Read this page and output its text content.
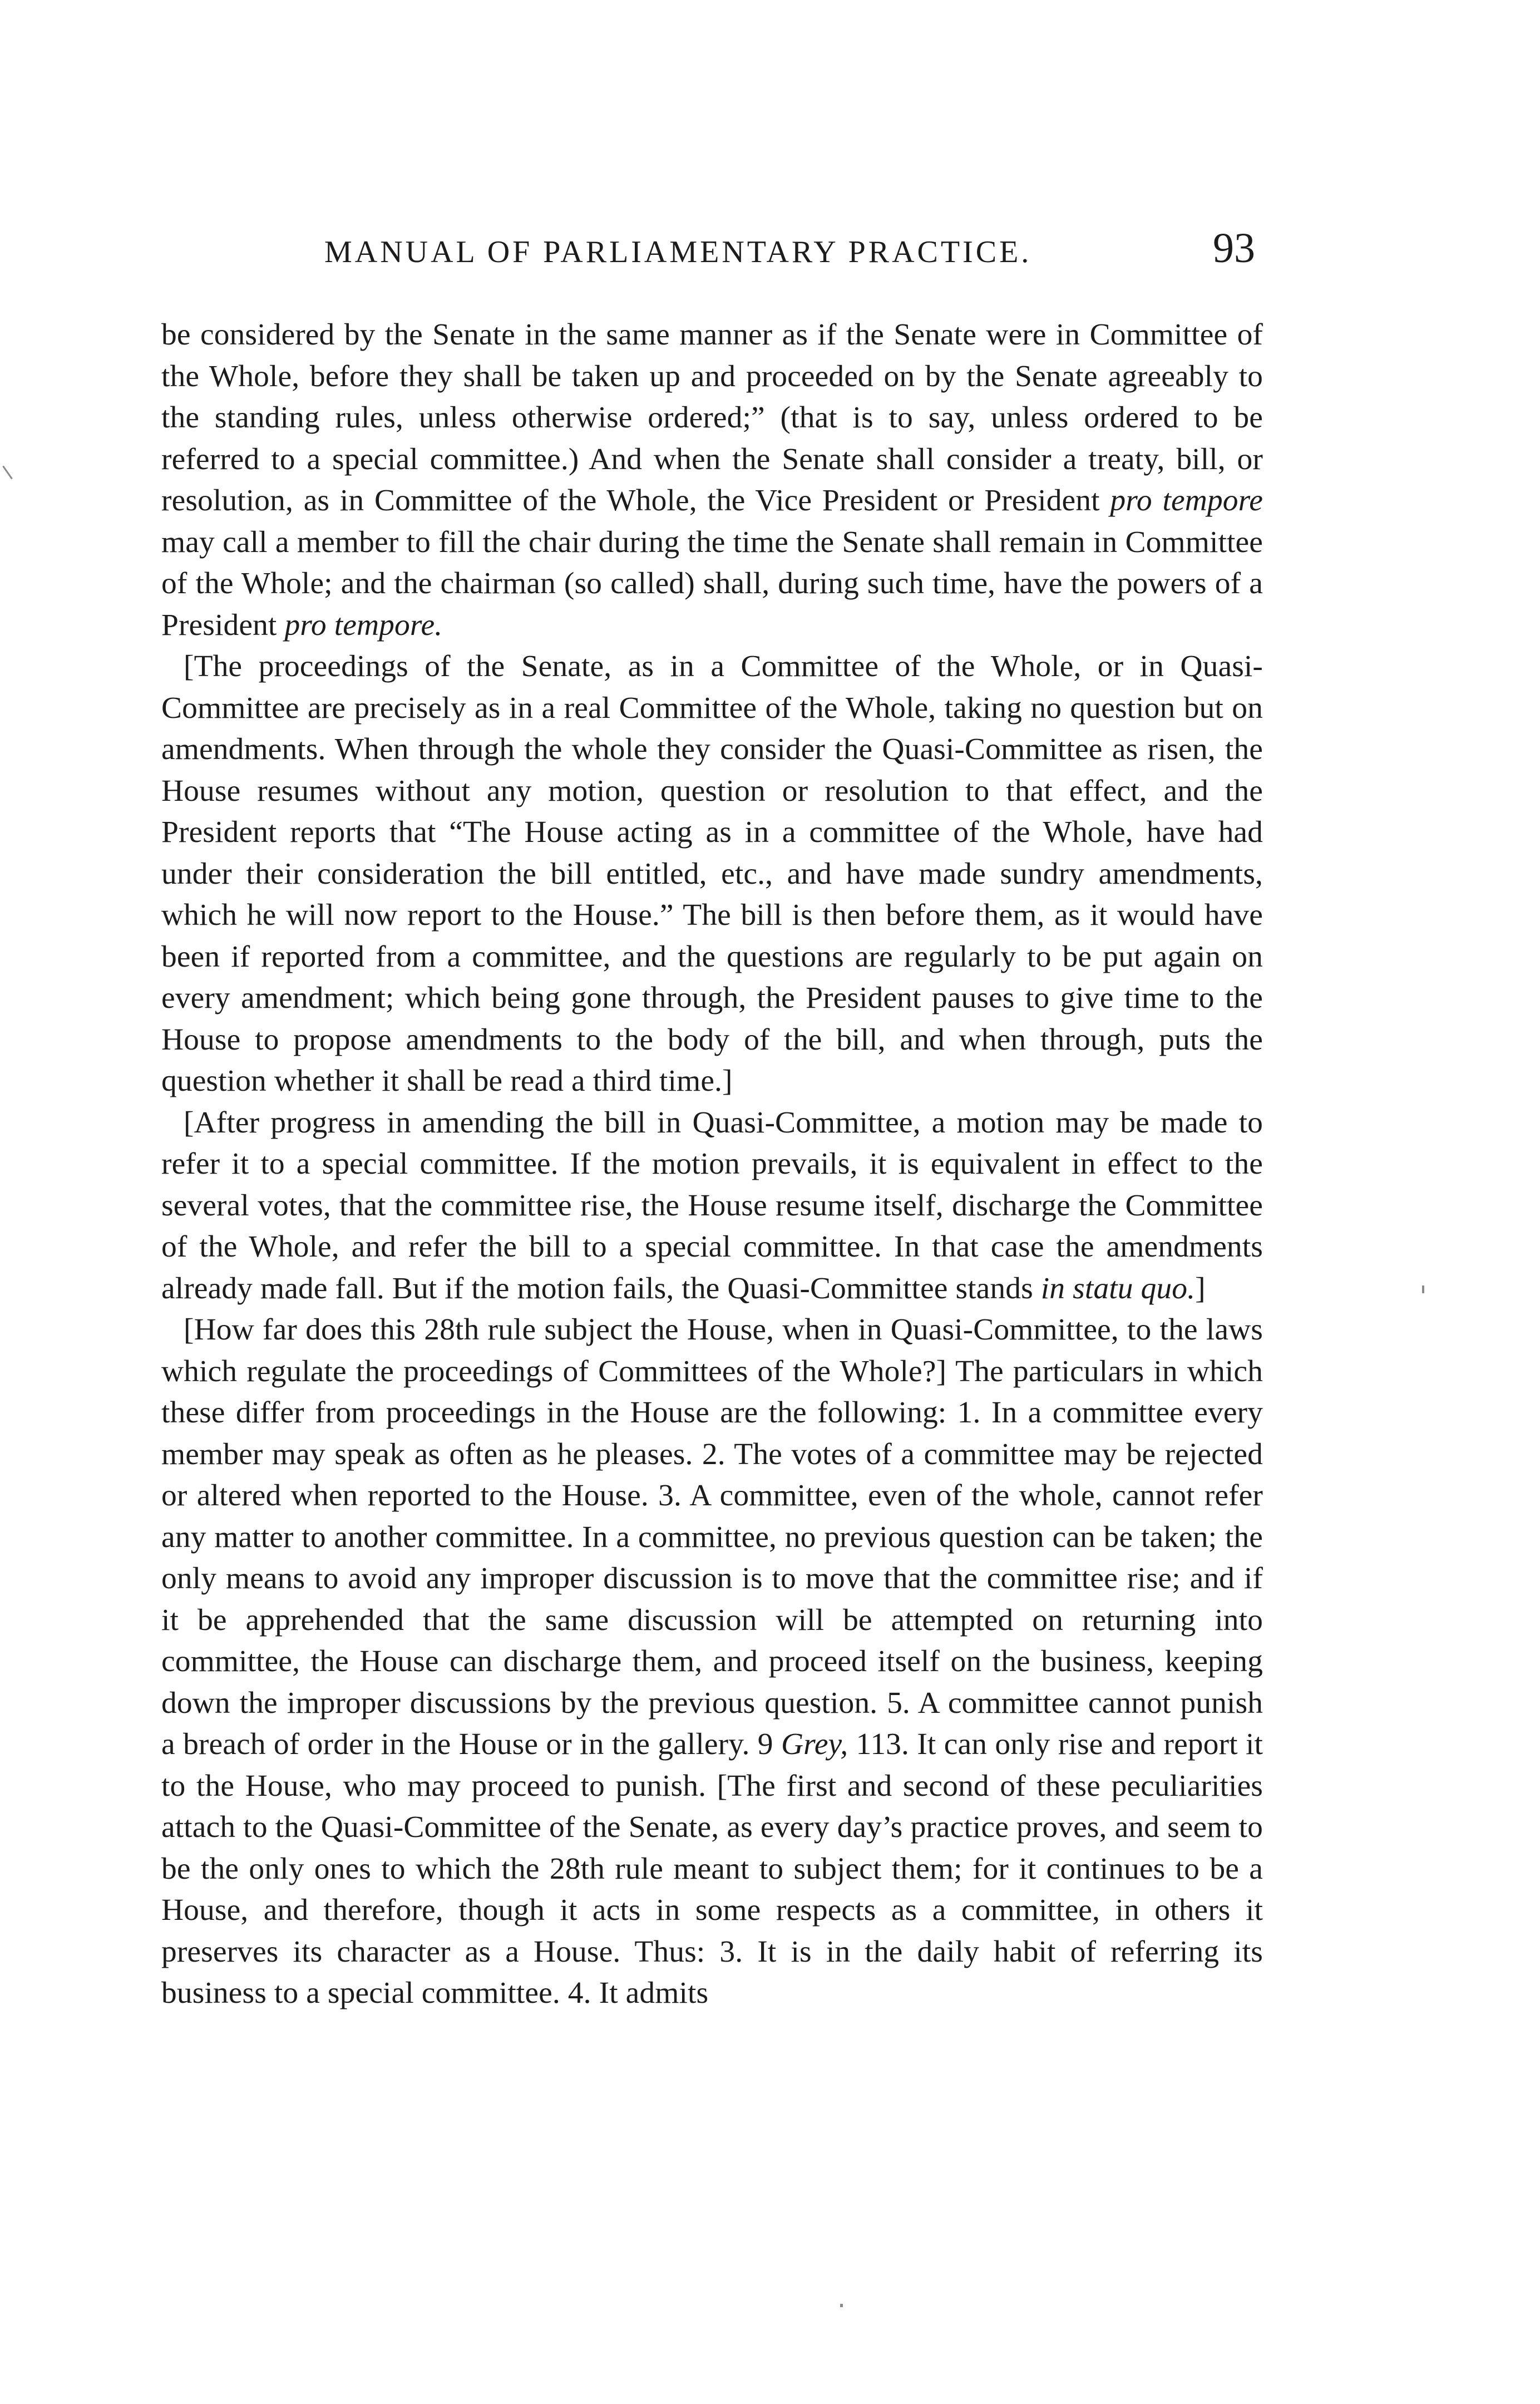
MANUAL OF PARLIAMENTARY PRACTICE.	93

be considered by the Senate in the same manner as if the Senate were in Committee of the Whole, before they shall be taken up and proceeded on by the Senate agreeably to the standing rules, unless otherwise ordered;” (that is to say, unless ordered to be referred to a special committee.) And when the Senate shall consider a treaty, bill, or resolution, as in Committee of the Whole, the Vice President or President pro tempore may call a member to fill the chair during the time the Senate shall remain in Committee of the Whole; and the chairman (so called) shall, during such time, have the powers of a President pro tempore.

[The proceedings of the Senate, as in a Committee of the Whole, or in Quasi-Committee are precisely as in a real Committee of the Whole, taking no question but on amendments. When through the whole they consider the Quasi-Committee as risen, the House resumes without any motion, question or resolution to that effect, and the President reports that “The House acting as in a committee of the Whole, have had under their consideration the bill entitled, etc., and have made sundry amendments, which he will now report to the House.” The bill is then before them, as it would have been if reported from a committee, and the questions are regularly to be put again on every amendment; which being gone through, the President pauses to give time to the House to propose amendments to the body of the bill, and when through, puts the question whether it shall be read a third time.]

[After progress in amending the bill in Quasi-Committee, a motion may be made to refer it to a special committee. If the motion prevails, it is equivalent in effect to the several votes, that the committee rise, the House resume itself, discharge the Committee of the Whole, and refer the bill to a special committee. In that case the amendments already made fall. But if the motion fails, the Quasi-Committee stands in statu quo.]

[How far does this 28th rule subject the House, when in Quasi-Committee, to the laws which regulate the proceedings of Committees of the Whole?] The particulars in which these differ from proceedings in the House are the following: 1. In a committee every member may speak as often as he pleases. 2. The votes of a committee may be rejected or altered when reported to the House. 3. A committee, even of the whole, cannot refer any matter to another committee. In a committee, no previous question can be taken; the only means to avoid any improper discussion is to move that the committee rise; and if it be apprehended that the same discussion will be attempted on returning into committee, the House can discharge them, and proceed itself on the business, keeping down the improper discussions by the previous question. 5. A committee cannot punish a breach of order in the House or in the gallery. 9 Grey, 113. It can only rise and report it to the House, who may proceed to punish. [The first and second of these peculiarities attach to the Quasi-Committee of the Senate, as every day’s practice proves, and seem to be the only ones to which the 28th rule meant to subject them; for it continues to be a House, and therefore, though it acts in some respects as a committee, in others it preserves its character as a House. Thus: 3. It is in the daily habit of referring its business to a special committee. 4. It admits
